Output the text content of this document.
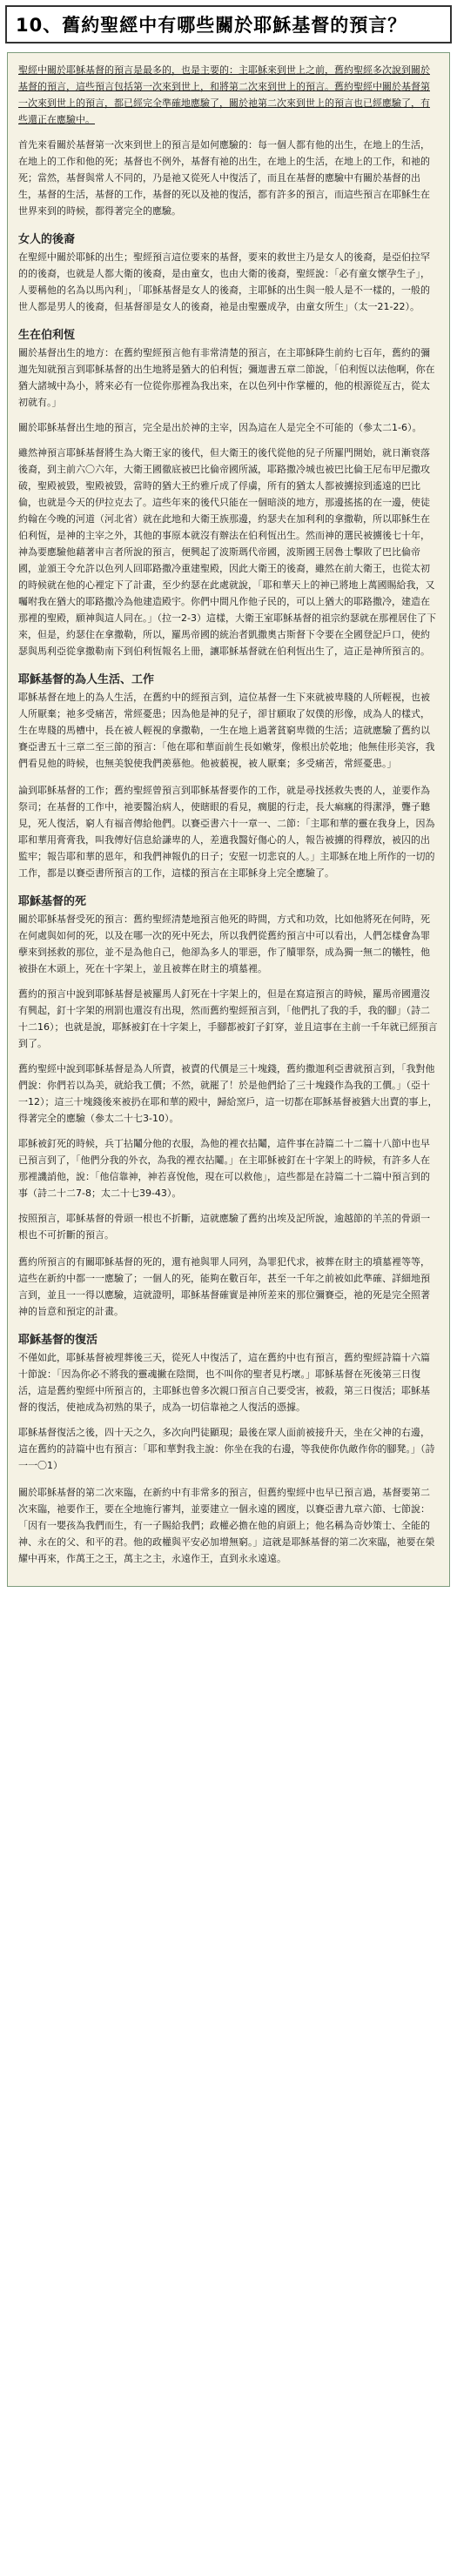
10、舊約聖經中有哪些關於耶穌基督的預言？

聖經中關於耶穌基督的預言是最多的，也是主要的：主耶穌來到世上之前，舊約聖經多次說到關於基督的預言，這些預言包括第一次來到世上，和將第二次來到世上的預言。舊約聖經中關於基督第一次來到世上的預言，都已經完全準確地應驗了，關於祂第二次來到世上的預言也已經應驗了，有些還正在應驗中。

首先來看關於基督第一次來到世上的預言是如何應驗的：每一個人都有他的出生，在地上的生活，在地上的工作和他的死；基督也不例外，基督有祂的出生，在地上的生活，在地上的工作，和祂的死；當然，基督與常人不同的，乃是祂又從死人中復活了，而且在基督的應驗中有關於基督的出生，基督的生活，基督的工作，基督的死以及祂的復活，都有許多的預言，而這些預言在耶穌生在世界來到的時候，都得著完全的應驗。

女人的後裔

在聖經中關於耶穌的出生；聖經預言這位要來的基督，要來的救世主乃是女人的後裔，是亞伯拉罕的的後裔，也就是人都大衛的後裔，是由童女，也由大衛的後裔，聖經說：「必有童女懷孕生子」，人要稱他的名為以馬內利」，「耶穌基督是女人的後裔，主耶穌的出生與一般人是不一樣的，一般的世人都是男人的後裔，但基督卻是女人的後裔，祂是由聖靈成孕，由童女所生」（太一21-22）。

生在伯利恆

關於基督出生的地方：在舊約聖經預言他有非常清楚的預言，在主耶穌降生前約七百年，舊約的彌迦先知就預言到耶穌基督的出生地將是猶大的伯利恆；彌迦書五章二節說，「伯利恆以法他啊，你在猶大諸城中為小，將來必有一位從你那裡為我出來，在以色列中作掌權的，他的根源從亙古，從太初就有。」

關於耶穌基督出生地的預言，完全是出於神的主宰，因為這在人是完全不可能的（參太二1-6）。

雖然神預言耶穌基督將生為大衛王家的後代，但大衛王的後代從他的兒子所羅門開始，就日漸衰落後裔，到主前六〇六年，大衛王國徹底被巴比倫帝國所滅，耶路撒冷城也被巴比倫王尼布甲尼撒攻破，聖殿被毀，聖殿被毀，當時的猶大王約雅斤成了俘虜，所有的猶太人都被擄掠到遙遠的巴比倫，也就是今天的伊拉克去了。這些年來的後代只能在一個暗淡的地方，那邊搖搖的在一邊，使徒約翰在今晚的河道（河北省）就在此地和大衛王族那邊，約瑟夫在加利利的拿撒勒，所以耶穌生在伯利恆，是神的主宰之外，其他的事原本就沒有辦法在伯利恆出生。然而神的選民被擄後七十年，神為要應驗他藉著申言者所說的預言，便興起了波斯瑪代帝國，波斯國王居魯士擊敗了巴比倫帝國，並頒王令允許以色列人回耶路撒冷重建聖殿，因此大衛王的後裔，雖然在前大衛王，也從太初的時候就在他的心裡定下了計畫，至少約瑟在此處就說，「耶和華天上的神已將地上萬國賜給我，又囑咐我在猶大的耶路撒冷為他建造殿宇。你們中間凡作他子民的，可以上猶大的耶路撒冷，建造在那裡的聖殿，願神與這人同在。」（拉一2-3）這樣，大衛王室耶穌基督的祖宗約瑟就在那裡居住了下來，但是，約瑟住在拿撒勒，所以，羅馬帝國的統治者凱撒奧古斯督下令要在全國登記戶口，使約瑟與馬利亞從拿撒勒南下到伯利恆報名上冊，讓耶穌基督就在伯利恆出生了，這正是神所預言的。

耶穌基督的為人生活、工作

耶穌基督在地上的為人生活，在舊約中的經預言到，這位基督一生下來就被卑賤的人所輕視，也被人所厭棄；祂多受痛苦，常經憂患；因為他是神的兒子，卻甘願取了奴僕的形像，成為人的樣式，生在卑賤的馬槽中，長在被人輕視的拿撒勒，一生在地上過著貧窮卑微的生活；這就應驗了舊約以賽亞書五十三章二至三節的預言：「他在耶和華面前生長如嫩芽，像根出於乾地；他無佳形美容，我們看見他的時候，也無美貌使我們羨慕他。他被藐視，被人厭棄；多受痛苦，常經憂患。」

論到耶穌基督的工作；舊約聖經曾預言到耶穌基督要作的工作，就是尋找拯救失喪的人，並要作為祭司；在基督的工作中，祂要醫治病人，使瞎眼的看見，瘸腿的行走，長大痲瘋的得潔淨，聾子聽見，死人復活，窮人有福音傳給他們。以賽亞書六十一章一、二節：「主耶和華的靈在我身上，因為耶和華用膏膏我，叫我傳好信息給謙卑的人，差遣我醫好傷心的人，報告被擄的得釋放，被囚的出監牢；報告耶和華的恩年，和我們神報仇的日子；安慰一切悲哀的人。」主耶穌在地上所作的一切的工作，都是以賽亞書所預言的工作，這樣的預言在主耶穌身上完全應驗了。

耶穌基督的死

關於耶穌基督受死的預言：舊約聖經清楚地預言他死的時間，方式和功效，比如他將死在何時，死在何處與如何的死，以及在哪一次的死中死去，所以我們從舊約預言中可以看出，人們怎樣會為罪孽來到拯救的那位，並不是為他自己，他卻為多人的罪惡，作了贖罪祭，成為獨一無二的犧牲，他被掛在木頭上，死在十字架上，並且被葬在財主的墳墓裡。

舊約的預言中說到耶穌基督是被羅馬人釘死在十字架上的，但是在寫這預言的時候，羅馬帝國還沒有興起，釘十字架的刑罰也還沒有出現，然而舊約聖經預言到，「他們扎了我的手，我的腳」（詩二十二16）；也就是說，耶穌被釘在十字架上，手腳都被釘子釘穿，並且這事在主前一千年就已經預言到了。

舊約聖經中說到耶穌基督是為人所賣，被賣的代價是三十塊錢，舊約撒迦利亞書就預言到，「我對他們說：你們若以為美，就給我工價；不然，就罷了！於是他們給了三十塊錢作為我的工價。」（亞十一12）；這三十塊錢後來被扔在耶和華的殿中，歸給窯戶，這一切都在耶穌基督被猶大出賣的事上，得著完全的應驗（參太二十七3-10）。

耶穌被釘死的時候，兵丁拈鬮分他的衣服，為他的裡衣拈鬮，這件事在詩篇二十二篇十八節中也早已預言到了，「他們分我的外衣，為我的裡衣拈鬮。」在主耶穌被釘在十字架上的時候，有許多人在那裡譏誚他，說：「他信靠神，神若喜悅他，現在可以救他」，這些都是在詩篇二十二篇中預言到的事（詩二十二7-8；太二十七39-43）。

按照預言，耶穌基督的骨頭一根也不折斷，這就應驗了舊約出埃及記所說，逾越節的羊羔的骨頭一根也不可折斷的預言。

舊約所預言的有關耶穌基督的死的，還有祂與罪人同列，為罪犯代求，被葬在財主的墳墓裡等等，這些在新約中都一一應驗了；一個人的死，能夠在數百年，甚至一千年之前被如此準確、詳細地預言到，並且一一得以應驗，這就證明，耶穌基督確實是神所差來的那位彌賽亞，祂的死是完全照著神的旨意和預定的計畫。

耶穌基督的復活

不僅如此，耶穌基督被埋葬後三天，從死人中復活了，這在舊約中也有預言，舊約聖經詩篇十六篇十節說：「因為你必不將我的靈魂撇在陰間，也不叫你的聖者見朽壞。」耶穌基督在死後第三日復活，這是舊約聖經中所預言的，主耶穌也曾多次親口預言自己要受害，被殺，第三日復活；耶穌基督的復活，使祂成為初熟的果子，成為一切信靠祂之人復活的憑據。

耶穌基督復活之後，四十天之久，多次向門徒顯現；最後在眾人面前被接升天，坐在父神的右邊，這在舊約的詩篇中也有預言：「耶和華對我主說：你坐在我的右邊，等我使你仇敵作你的腳凳。」（詩一一〇1）

關於耶穌基督的第二次來臨，在新約中有非常多的預言，但舊約聖經中也早已預言過，基督要第二次來臨，祂要作王，要在全地施行審判，並要建立一個永遠的國度，以賽亞書九章六節、七節說：「因有一嬰孩為我們而生，有一子賜給我們；政權必擔在他的肩頭上；他名稱為奇妙策士、全能的神、永在的父、和平的君。他的政權與平安必加增無窮。」這就是耶穌基督的第二次來臨，祂要在榮耀中再來，作萬王之王，萬主之主，永遠作王，直到永永遠遠。
